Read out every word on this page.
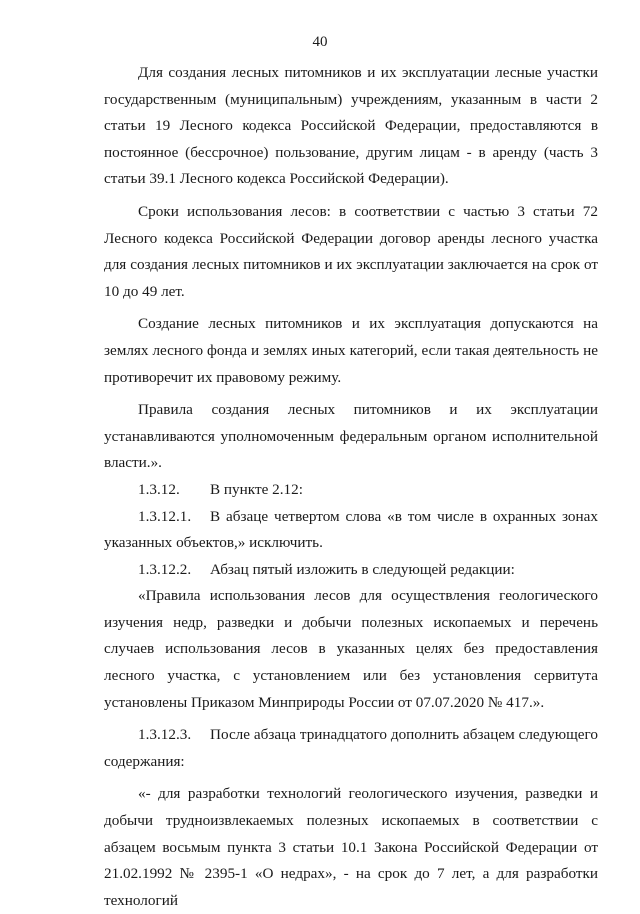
40

Для создания лесных питомников и их эксплуатации лесные участки государственным (муниципальным) учреждениям, указанным в части 2 статьи 19 Лесного кодекса Российской Федерации, предоставляются в постоянное (бессрочное) пользование, другим лицам - в аренду (часть 3 статьи 39.1 Лесного кодекса Российской Федерации).

Сроки использования лесов: в соответствии с частью 3 статьи 72 Лесного кодекса Российской Федерации договор аренды лесного участка для создания лесных питомников и их эксплуатации заключается на срок от 10 до 49 лет.

Создание лесных питомников и их эксплуатация допускаются на землях лесного фонда и землях иных категорий, если такая деятельность не противоречит их правовому режиму.

Правила создания лесных питомников и их эксплуатации устанавливаются уполномоченным федеральным органом исполнительной власти.».

1.3.12.	В пункте 2.12:

1.3.12.1. В абзаце четвертом слова «в том числе в охранных зонах указанных объектов,» исключить.

1.3.12.2.	Абзац пятый изложить в следующей редакции:

«Правила использования лесов для осуществления геологического изучения недр, разведки и добычи полезных ископаемых и перечень случаев использования лесов в указанных целях без предоставления лесного участка, с установлением или без установления сервитута установлены Приказом Минприроды России от 07.07.2020 № 417.».

1.3.12.3. После абзаца тринадцатого дополнить абзацем следующего содержания:

«- для разработки технологий геологического изучения, разведки и добычи трудноизвлекаемых полезных ископаемых в соответствии с абзацем восьмым пункта 3 статьи 10.1 Закона Российской Федерации от 21.02.1992 № 2395-1 «О недрах», - на срок до 7 лет, а для разработки технологий
